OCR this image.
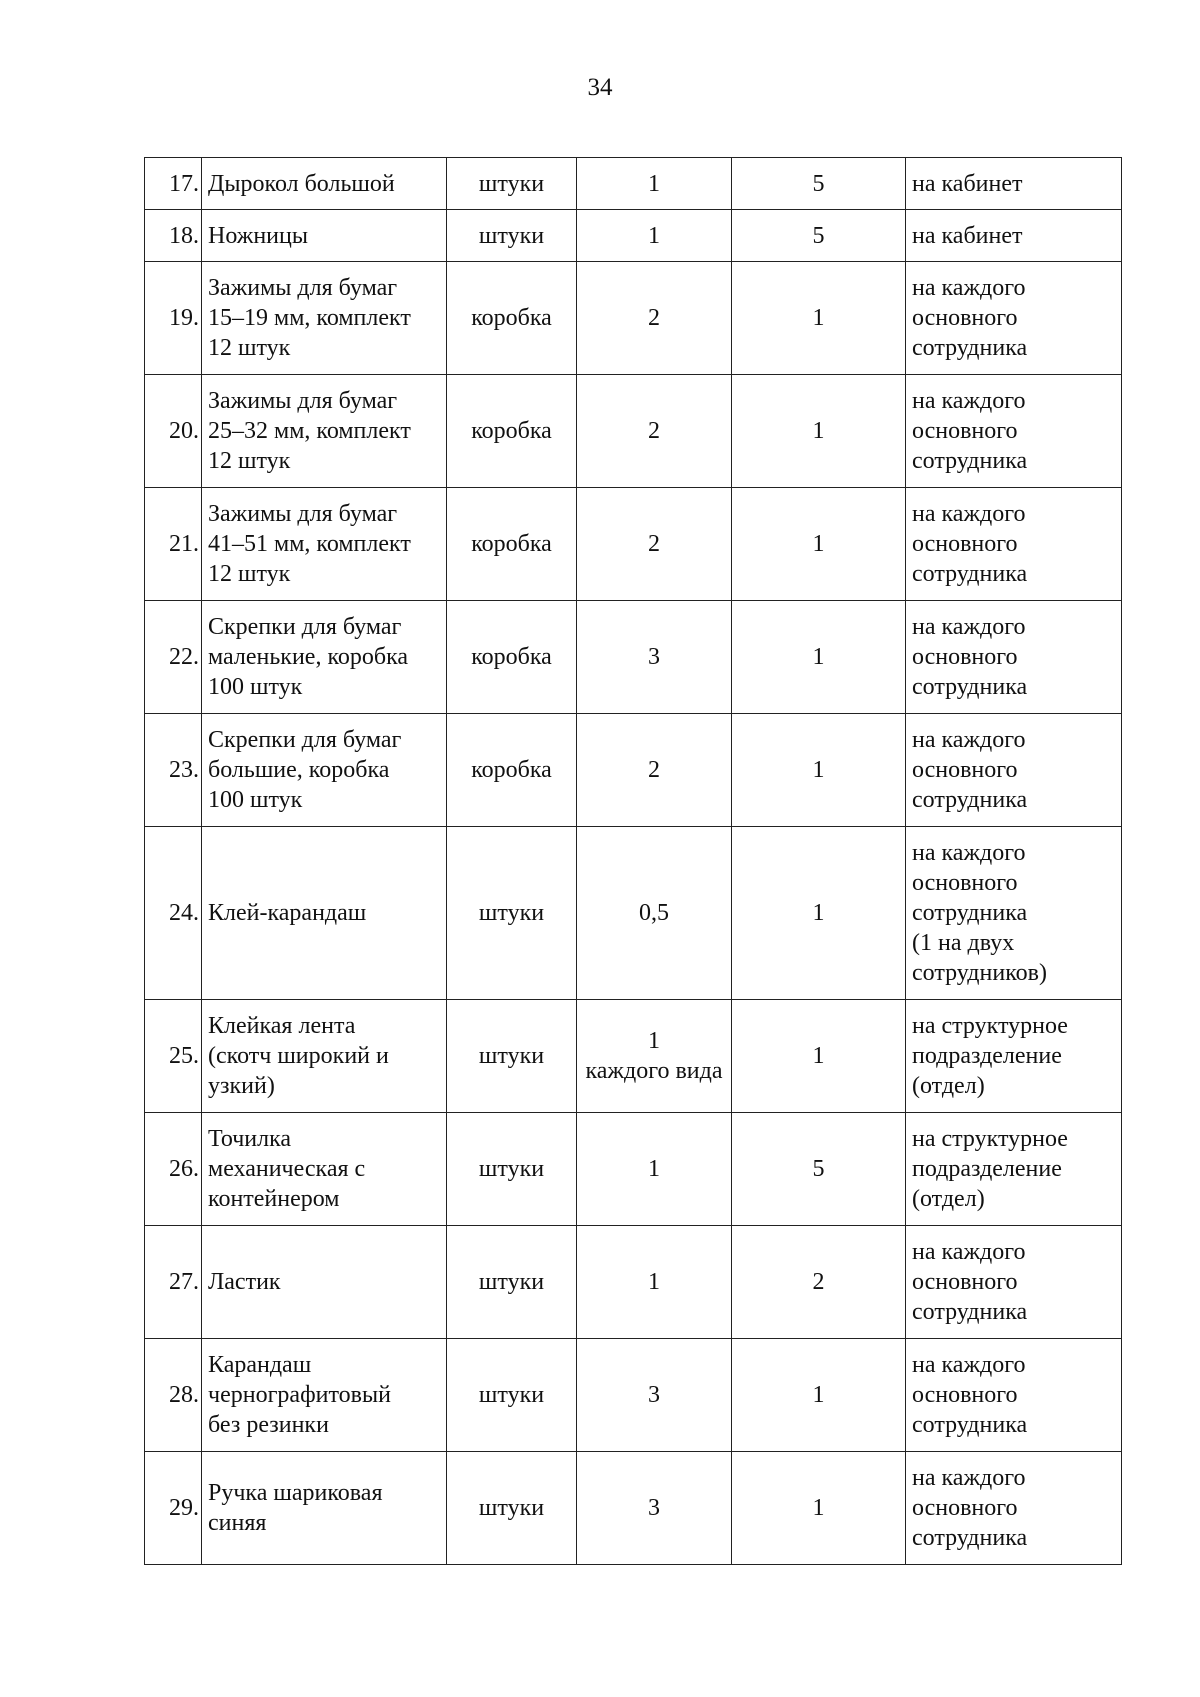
34
17.	Дырокол большой	штуки	1	5	на кабинет

18.	Ножницы	штуки	1	5	на кабинет

19.	Зажимы для бумаг
15–19 мм, комплект
12 штук	коробка	2	1	на каждого
основного
сотрудника

20.	Зажимы для бумаг
25–32 мм, комплект
12 штук	коробка	2	1	на каждого
основного
сотрудника

21.	Зажимы для бумаг
41–51 мм, комплект
12 штук	коробка	2	1	на каждого
основного
сотрудника

22.	Скрепки для бумаг
маленькие, коробка
100 штук	коробка	3	1	на каждого
основного
сотрудника

23.	Скрепки для бумаг
большие, коробка
100 штук	коробка	2	1	на каждого
основного
сотрудника

24.	Клей-карандаш	штуки	0,5	1	на каждого
основного
сотрудника
(1 на двух
сотрудников)

25.	Клейкая лента
(скотч широкий и
узкий)	штуки	1
каждого вида	1	на структурное
подразделение
(отдел)

26.	Точилка
механическая с
контейнером	штуки	1	5	на структурное
подразделение
(отдел)

27.	Ластик	штуки	1	2	на каждого
основного
сотрудника

28.	Карандаш
чернографитовый
без резинки	штуки	3	1	на каждого
основного
сотрудника

29.	Ручка шариковая
синяя	штуки	3	1	на каждого
основного
сотрудника
